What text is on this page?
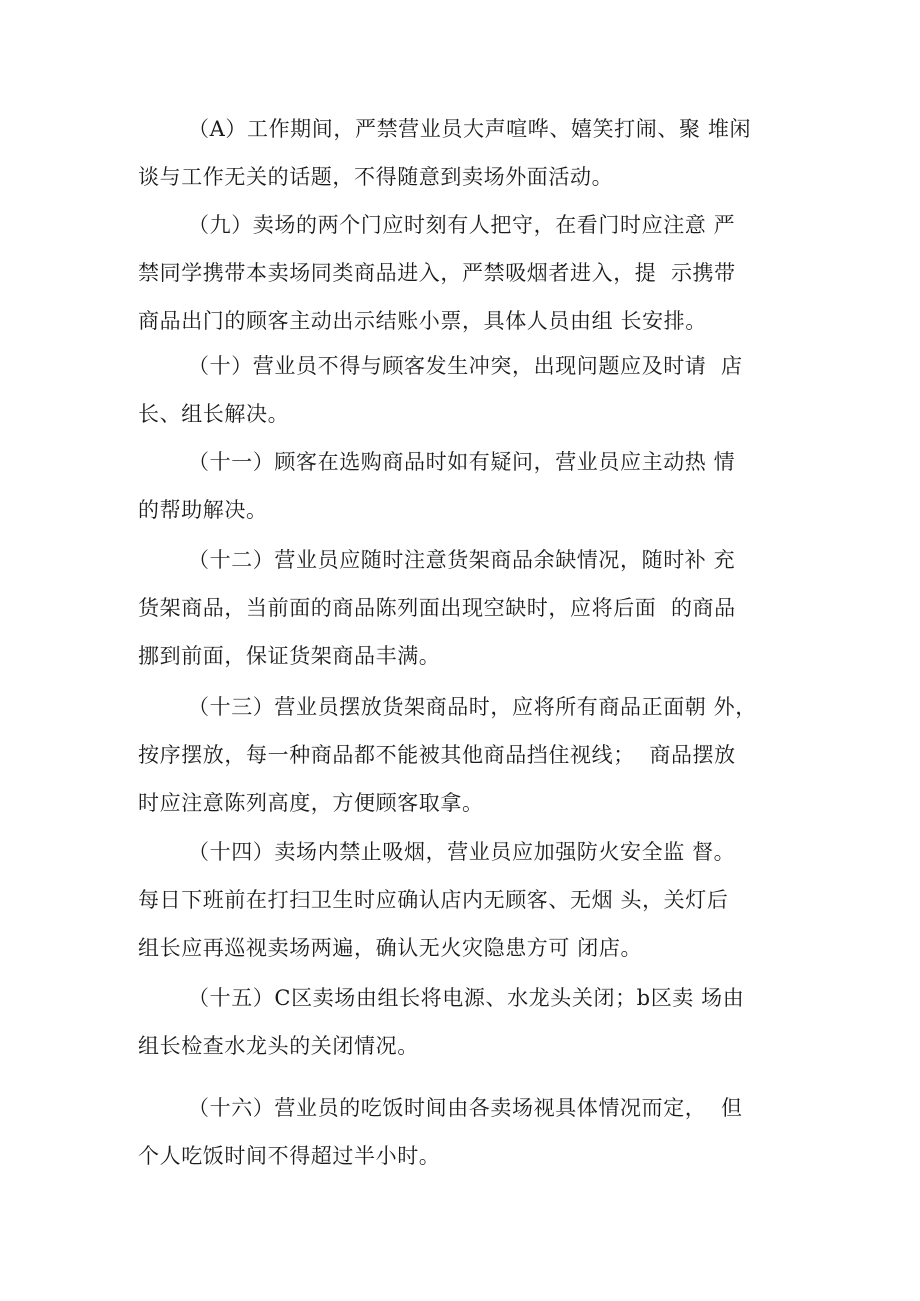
（A）工作期间，严禁营业员大声喧哗、嬉笑打闹、聚 堆闲
谈与工作无关的话题，不得随意到卖场外面活动。
（九）卖场的两个门应时刻有人把守，在看门时应注意 严
禁同学携带本卖场同类商品进入，严禁吸烟者进入，提  示携带
商品出门的顾客主动出示结账小票，具体人员由组 长安排。
（十）营业员不得与顾客发生冲突，出现问题应及时请  店
长、组长解决。
（十一）顾客在选购商品时如有疑问，营业员应主动热 情
的帮助解决。
（十二）营业员应随时注意货架商品余缺情况，随时补 充
货架商品，当前面的商品陈列面出现空缺时，应将后面  的商品
挪到前面，保证货架商品丰满。
（十三）营业员摆放货架商品时，应将所有商品正面朝 外，
按序摆放，每一种商品都不能被其他商品挡住视线；  商品摆放
时应注意陈列高度，方便顾客取拿。
（十四）卖场内禁止吸烟，营业员应加强防火安全监 督。
每日下班前在打扫卫生时应确认店内无顾客、无烟 头，关灯后
组长应再巡视卖场两遍，确认无火灾隐患方可 闭店。
（十五）C区卖场由组长将电源、水龙头关闭；b区卖 场由
组长检查水龙头的关闭情况。
（十六）营业员的吃饭时间由各卖场视具体情况而定，  但
个人吃饭时间不得超过半小时。
